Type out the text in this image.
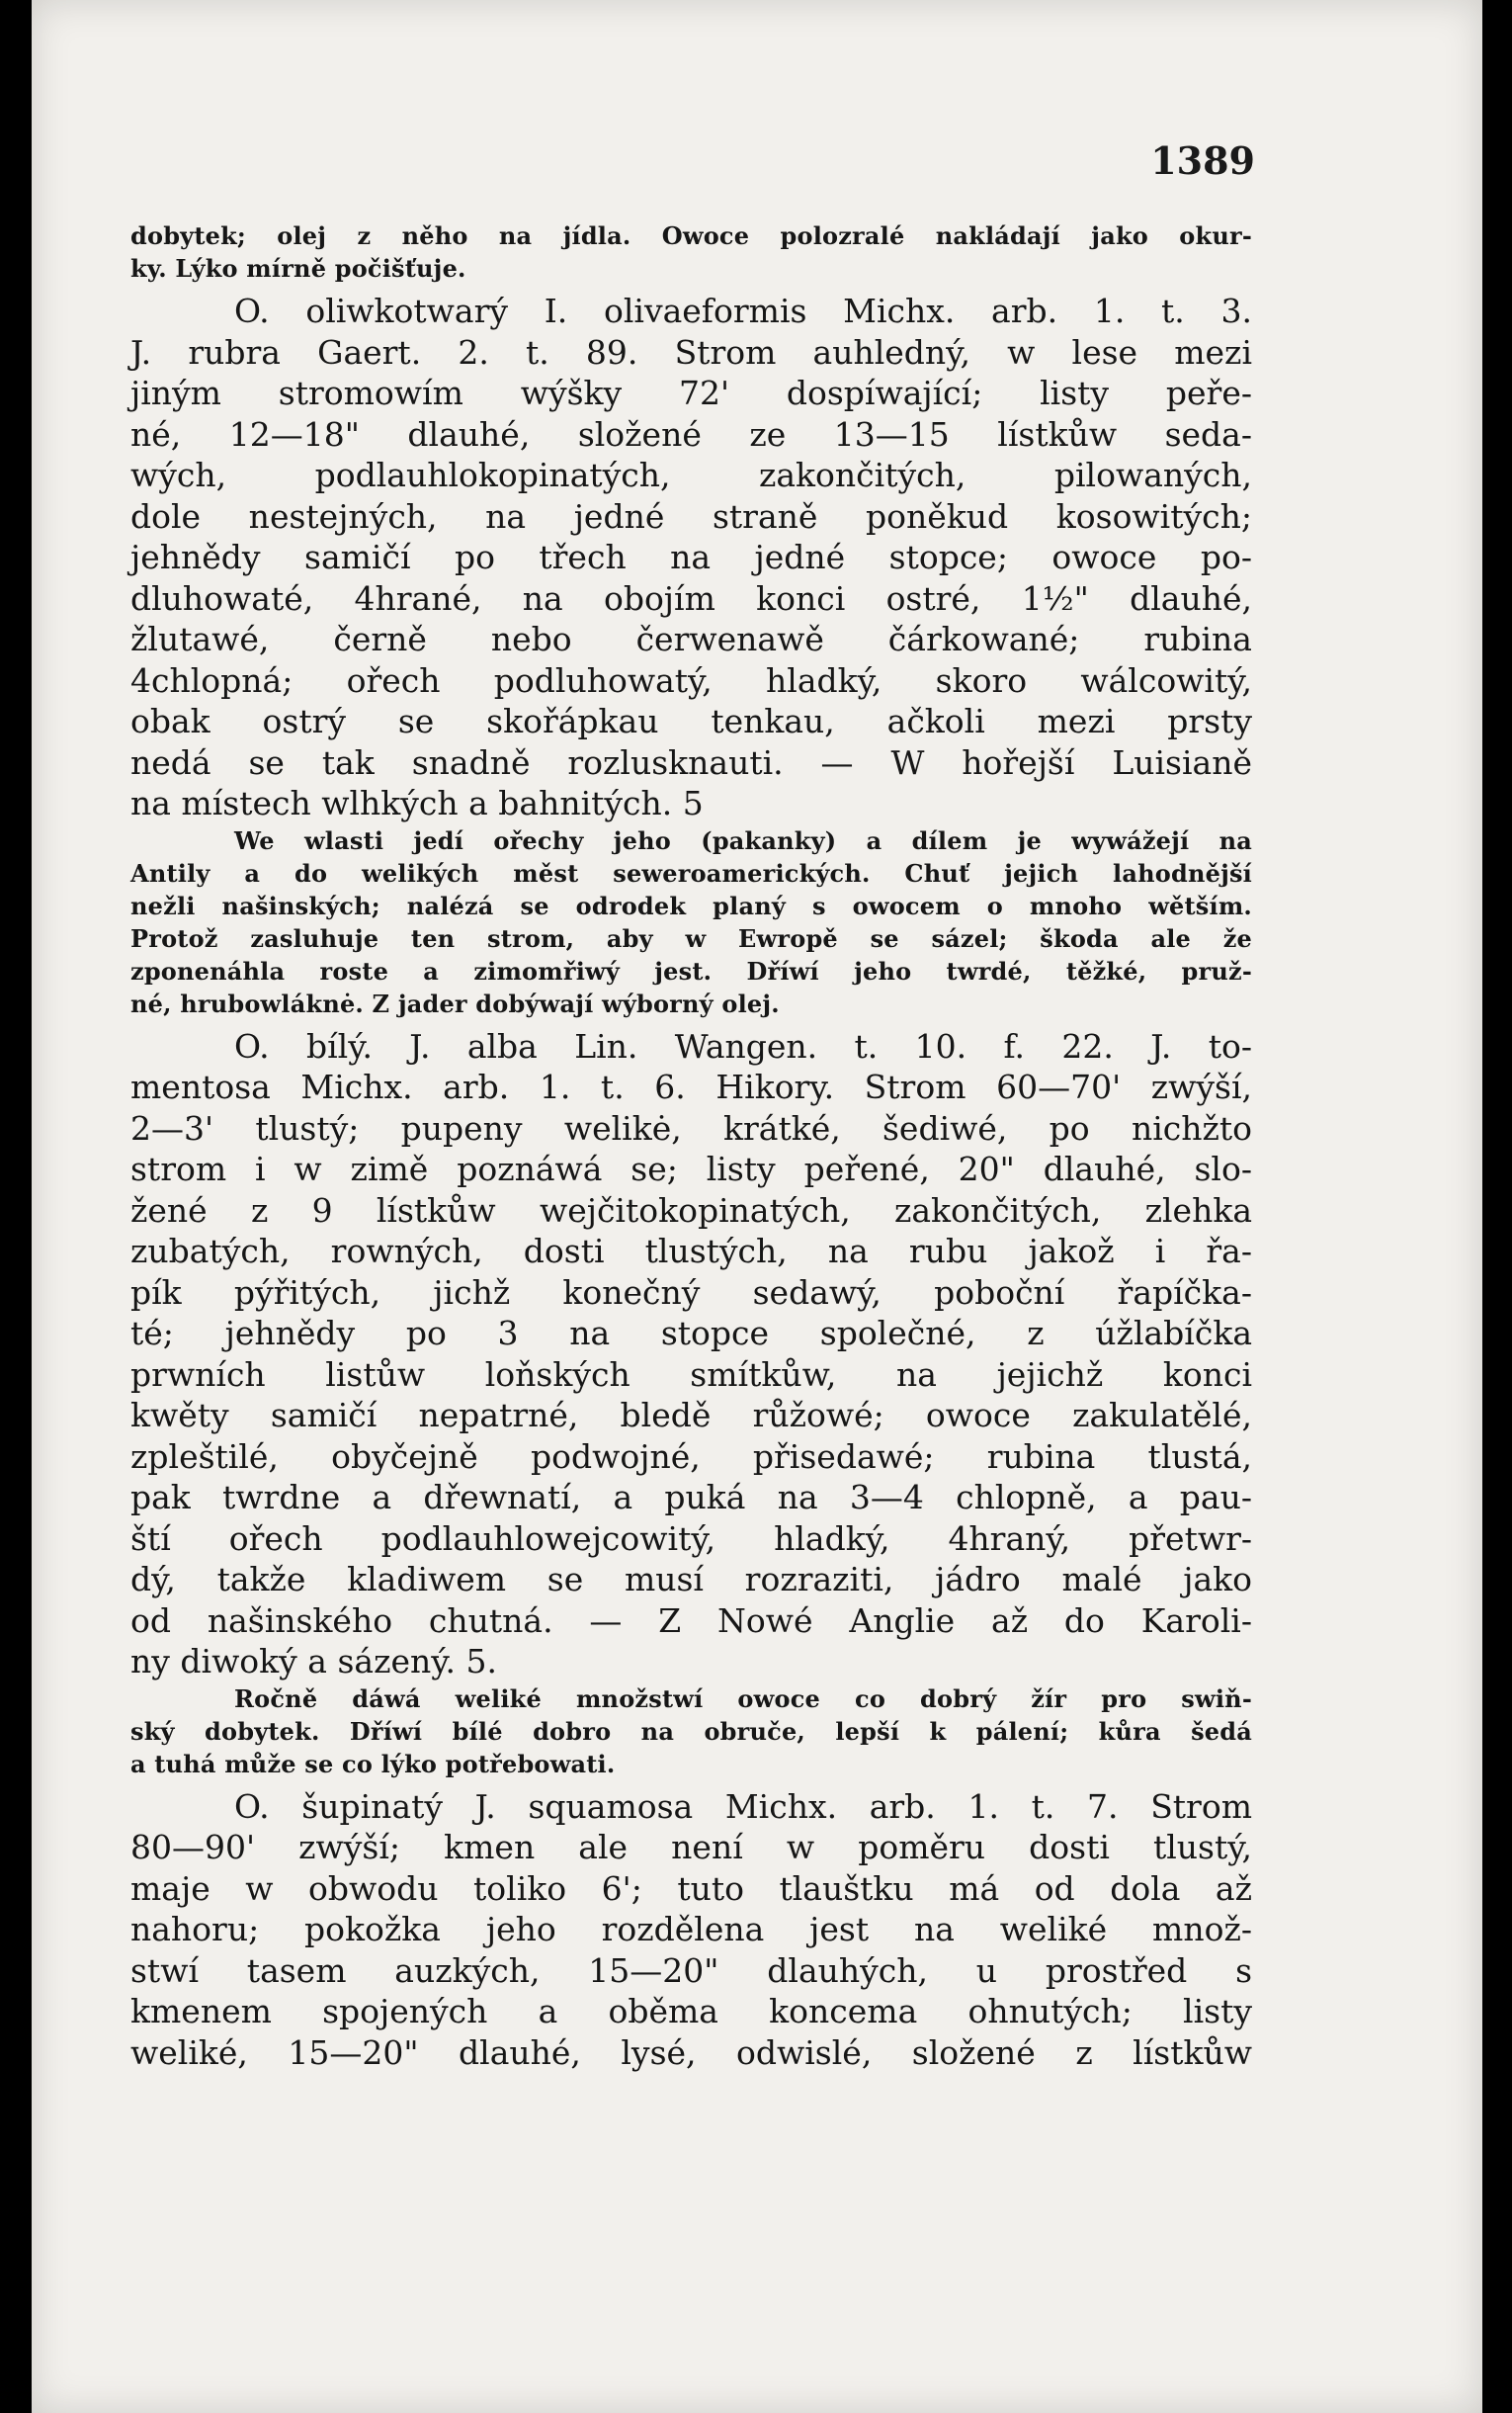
1389
dobytek; olej z něho na jídla. Owoce polozralé nakládají jako okur-
ky. Lýko mírně počišťuje.
O. oliwkotwarý I. olivaeformis Michx. arb. 1. t. 3.
J. rubra Gaert. 2. t. 89. Strom auhledný, w lese mezi
jiným stromowím wýšky 72' dospíwající; listy peře-
né, 12—18" dlauhé, složené ze 13—15 lístkůw seda-
wých, podlauhlokopinatých, zakončitých, pilowaných,
dole nestejných, na jedné straně poněkud kosowitých;
jehnědy samičí po třech na jedné stopce; owoce po-
dluhowaté, 4hrané, na obojím konci ostré, 1½" dlauhé,
žlutawé, černě nebo čerwenawě čárkowané; rubina
4chlopná; ořech podluhowatý, hladký, skoro wálcowitý,
obak ostrý se skořápkau tenkau, ačkoli mezi prsty
nedá se tak snadně rozlusknauti. — W hořejší Luisianě
na místech wlhkých a bahnitých. 5
We wlasti jedí ořechy jeho (pakanky) a dílem je wywážejí na
Antily a do welikých měst seweroamerických. Chuť jejich lahodnější
nežli našinských; nalézá se odrodek planý s owocem o mnoho wětším.
Protož zasluhuje ten strom, aby w Ewropě se sázel; škoda ale že
zponenáhla roste a zimomřiwý jest. Dříwí jeho twrdé, těžké, pruž-
né, hrubowláknė. Z jader dobýwají wýborný olej.
O. bílý. J. alba Lin. Wangen. t. 10. f. 22. J. to-
mentosa Michx. arb. 1. t. 6. Hikory. Strom 60—70' zwýší,
2—3' tlustý; pupeny welikė, krátké, šediwé, po nichžto
strom i w zimě poznáwá se; listy peřené, 20" dlauhé, slo-
žené z 9 lístkůw wejčitokopinatých, zakončitých, zlehka
zubatých, rowných, dosti tlustých, na rubu jakož i řa-
pík pýřitých, jichž konečný sedawý, poboční řapíčka-
té; jehnědy po 3 na stopce společné, z úžlabíčka
prwních listůw loňských smítkůw, na jejichž konci
kwěty samičí nepatrné, bledě růžowé; owoce zakulatělé,
zpleštilé, obyčejně podwojné, přisedawé; rubina tlustá,
pak twrdne a dřewnatí, a puká na 3—4 chlopně, a pau-
ští ořech podlauhlowejcowitý, hladký, 4hraný, přetwr-
dý, takže kladiwem se musí rozraziti, jádro malé jako
od našinského chutná. — Z Nowé Anglie až do Karoli-
ny diwoký a sázený. 5.
Ročně dáwá weliké množstwí owoce co dobrý žír pro swiň-
ský dobytek. Dříwí bílé dobro na obruče, lepší k pálení; kůra šedá
a tuhá může se co lýko potřebowati.
O. šupinatý J. squamosa Michx. arb. 1. t. 7. Strom
80—90' zwýší; kmen ale není w poměru dosti tlustý,
maje w obwodu toliko 6'; tuto tlauštku má od dola až
nahoru; pokožka jeho rozdělena jest na weliké množ-
stwí tasem auzkých, 15—20" dlauhých, u prostřed s
kmenem spojených a oběma koncema ohnutých; listy
weliké, 15—20" dlauhé, lysé, odwislé, složené z lístkůw
